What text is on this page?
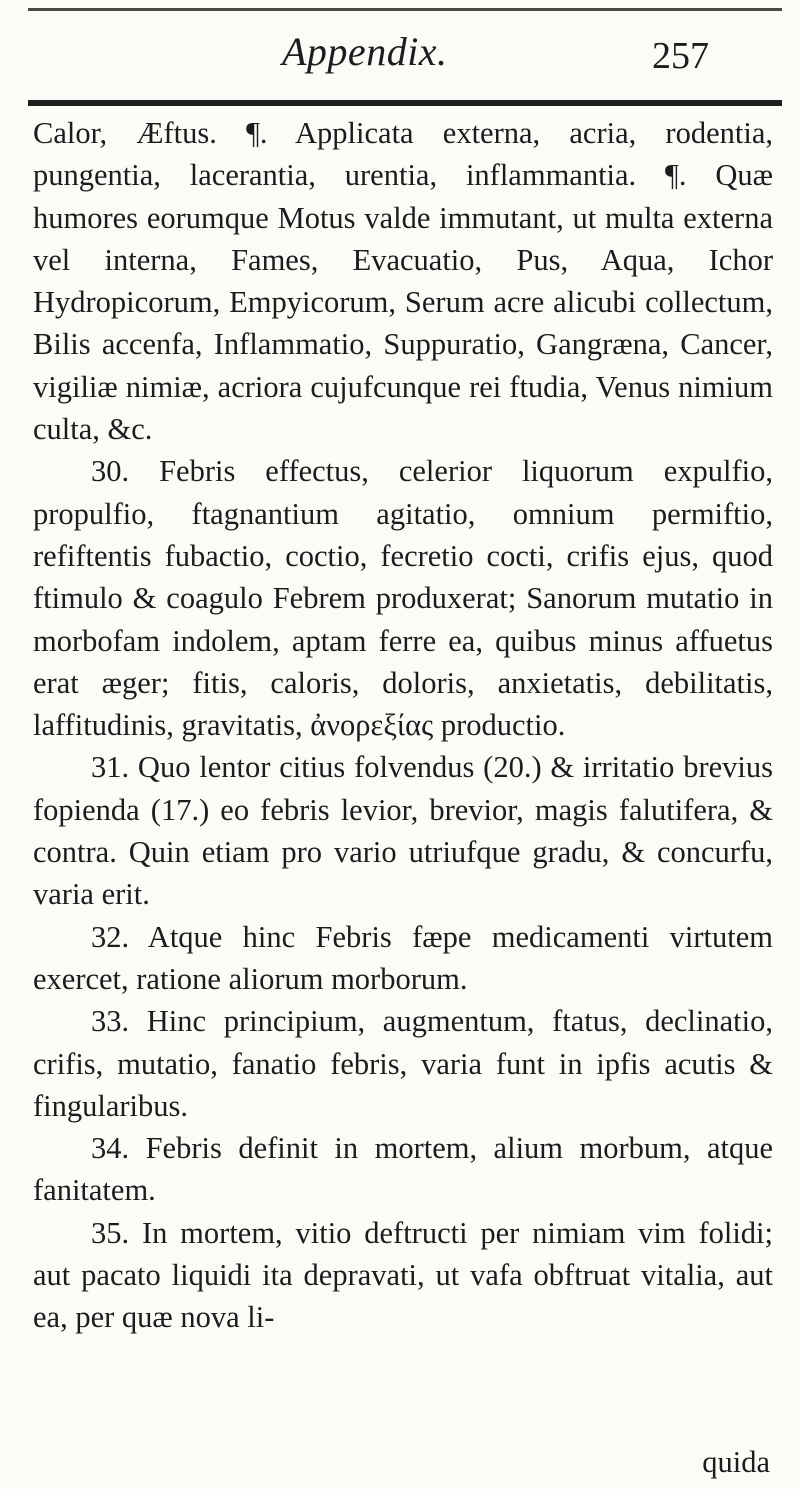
Appendix.	257

Calor, Æftus. ¶. Applicata externa, acria, rodentia, pungentia, lacerantia, urentia, inflammantia. ¶. Quæ humores eorumque Motus valde immutant, ut multa externa vel interna, Fames, Evacuatio, Pus, Aqua, Ichor Hydropicorum, Empyicorum, Serum acre alicubi collectum, Bilis accenfa, Inflammatio, Suppuratio, Gangræna, Cancer, vigiliæ nimiæ, acriora cujufcunque rei ftudia, Venus nimium culta, &c.

30. Febris effectus, celerior liquorum expulfio, propulfio, ftagnantium agitatio, omnium permiftio, refiftentis fubactio, coctio, fecretio cocti, crifis ejus, quod ftimulo & coagulo Febrem produxerat; Sanorum mutatio in morbofam indolem, aptam ferre ea, quibus minus affuetus erat æger; fitis, caloris, doloris, anxietatis, debilitatis, laffitudinis, gravitatis, ἀνορεξίας productio.

31. Quo lentor citius folvendus (20.) & irritatio brevius fopienda (17.) eo febris levior, brevior, magis falutifera, & contra. Quin etiam pro vario utriufque gradu, & concurfu, varia erit.

32. Atque hinc Febris fæpe medicamenti virtutem exercet, ratione aliorum morborum.

33. Hinc principium, augmentum, ftatus, declinatio, crifis, mutatio, fanatio febris, varia funt in ipfis acutis & fingularibus.

34. Febris definit in mortem, alium morbum, atque fanitatem.

35. In mortem, vitio deftructi per nimiam vim folidi; aut pacato liquidi ita depravati, ut vafa obftruat vitalia, aut ea, per quæ nova li-

quida
